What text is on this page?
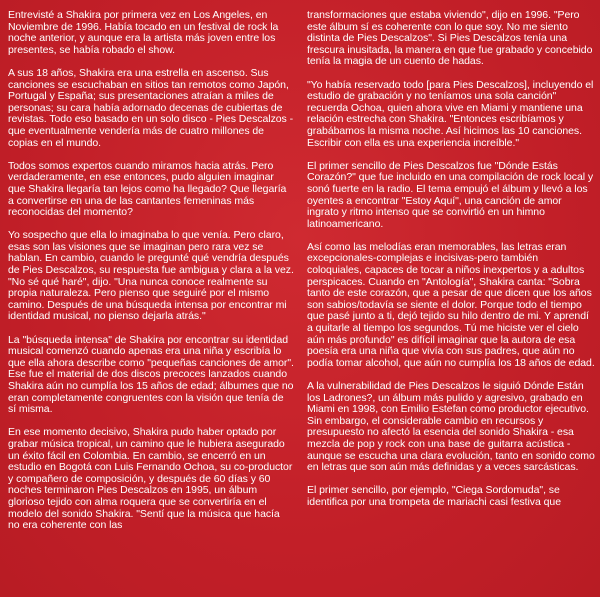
Entrevisté a Shakira por primera vez en Los Angeles, en Noviembre de 1996. Había tocado en un festival de rock la noche anterior, y aunque era la artista más joven entre los presentes, se había robado el show.

A sus 18 años, Shakira era una estrella en ascenso. Sus canciones se escuchaban en sitios tan remotos como Japón, Portugal y España; sus presentaciones atraían a miles de personas; su cara había adornado decenas de cubiertas de revistas. Todo eso basado en un solo disco - Pies Descalzos - que eventualmente vendería más de cuatro millones de copias en el mundo.

Todos somos expertos cuando miramos hacia atrás. Pero verdaderamente, en ese entonces, pudo alguien imaginar que Shakira llegaría tan lejos como ha llegado? Que llegaría a convertirse en una de las cantantes femeninas más reconocidas del momento?

Yo sospecho que ella lo imaginaba lo que venía. Pero claro, esas son las visiones que se imaginan pero rara vez se hablan. En cambio, cuando le pregunté qué vendría después de Pies Descalzos, su respuesta fue ambigua y clara a la vez. "No sé qué haré", dijo. "Una nunca conoce realmente su propia naturaleza. Pero pienso que seguiré por el mismo camino. Después de una búsqueda intensa por encontrar mi identidad musical, no pienso dejarla atrás."

La "búsqueda intensa" de Shakira por encontrar su identidad musical comenzó cuando apenas era una niña y escribía lo que ella ahora describe como "pequeñas canciones de amor". Ese fue el material de dos discos precoces lanzados cuando Shakira aún no cumplía los 15 años de edad; álbumes que no eran completamente congruentes con la visión que tenía de sí misma.

En ese momento decisivo, Shakira pudo haber optado por grabar música tropical, un camino que le hubiera asegurado un éxito fácil en Colombia. En cambio, se encerró en un estudio en Bogotá con Luis Fernando Ochoa, su co-productor y compañero de composición, y después de 60 días y 60 noches terminaron Pies Descalzos en 1995, un álbum glorioso tejido con alma roquera que se convertiría en el modelo del sonido Shakira. "Sentí que la música que hacía no era coherente con las

transformaciones que estaba viviendo", dijo en 1996. "Pero este álbum sí es coherente con lo que soy. No me siento distinta de Pies Descalzos". Si Pies Descalzos tenía una frescura inusitada, la manera en que fue grabado y concebido tenía la magia de un cuento de hadas.

"Yo había reservado todo [para Pies Descalzos], incluyendo el estudio de grabación y no teníamos una sola canción" recuerda Ochoa, quien ahora vive en Miami y mantiene una relación estrecha con Shakira. "Entonces escribíamos y grabábamos la misma noche. Así hicimos las 10 canciones. Escribir con ella es una experiencia increíble."

El primer sencillo de Pies Descalzos fue "Dónde Estás Corazón?" que fue incluido en una compilación de rock local y sonó fuerte en la radio. El tema empujó el álbum y llevó a los oyentes a encontrar "Estoy Aquí", una canción de amor ingrato y ritmo intenso que se convirtió en un himno latinoamericano.

Así como las melodías eran memorables, las letras eran excepcionales-complejas e incisivas-pero también coloquiales, capaces de tocar a niños inexpertos y a adultos perspicaces. Cuando en "Antología", Shakira canta: "Sobra tanto de este corazón, que a pesar de que dicen que los años son sabios/todavía se siente el dolor. Porque todo el tiempo que pasé junto a ti, dejó tejido su hilo dentro de mi. Y aprendí a quitarle al tiempo los segundos. Tú me hiciste ver el cielo aún más profundo" es difícil imaginar que la autora de esa poesía era una niña que vivía con sus padres, que aún no podía tomar alcohol, que aún no cumplía los 18 años de edad.

A la vulnerabilidad de Pies Descalzos le siguió Dónde Están los Ladrones?, un álbum más pulido y agresivo, grabado en Miami en 1998, con Emilio Estefan como productor ejecutivo. Sin embargo, el considerable cambio en recursos y presupuesto no afectó la esencia del sonido Shakira - esa mezcla de pop y rock con una base de guitarra acústica - aunque se escucha una clara evolución, tanto en sonido como en letras que son aún más definidas y a veces sarcásticas.

El primer sencillo, por ejemplo, "Ciega Sordomuda", se identifica por una trompeta de mariachi casi festiva que
